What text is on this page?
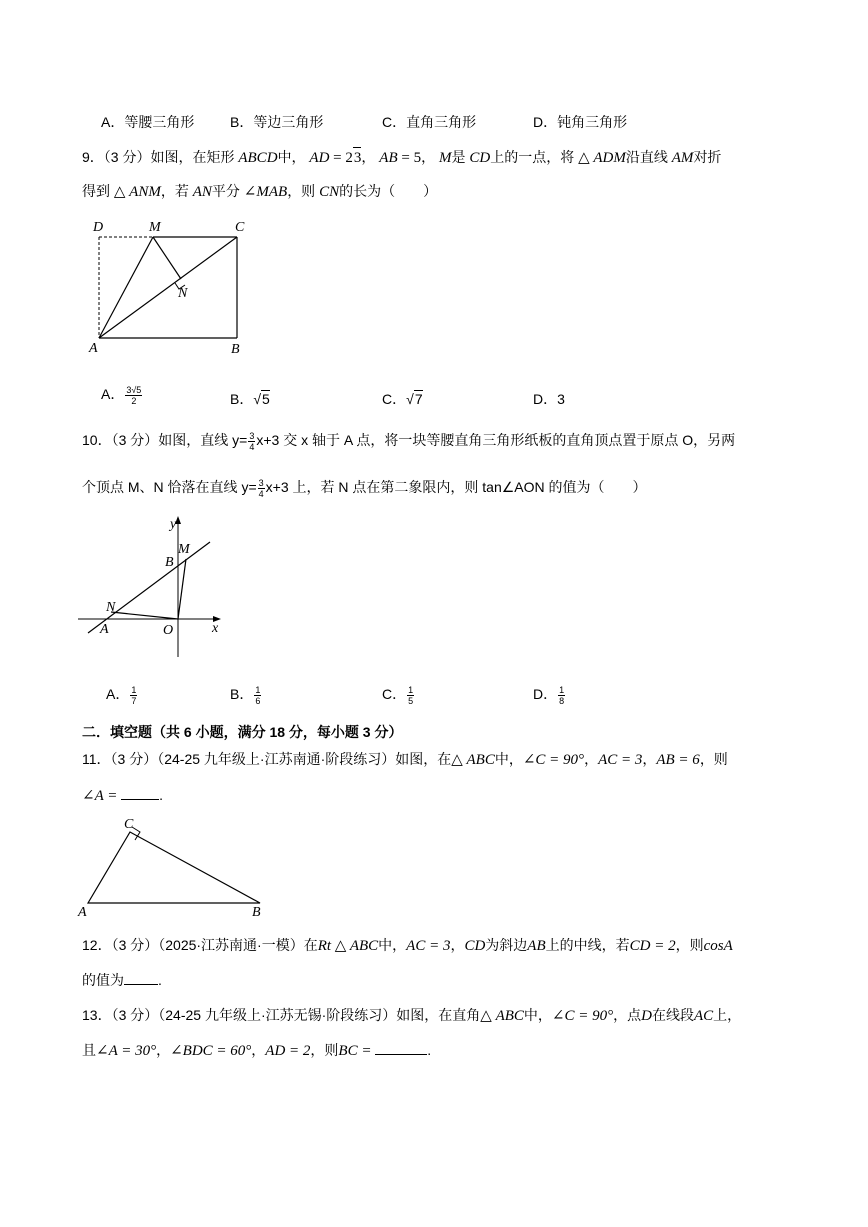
A．等腰三角形	B．等边三角形	C．直角三角形	D．钝角三角形
9．（3 分）如图，在矩形 ABCD中， AD = 23， AB = 5， M是 CD上的一点，将 △ ADM沿直线 AM对折
得到 △ ANM，若 AN平分 ∠MAB，则 CN的长为（　　）
D	M	C
N
A	B
A． $\frac{3√5}{2}$	B．√5	C．√7	D．3
10．（3 分）如图，直线 $y= \frac{3}{4} x+3$ 交 x 轴于 A 点，将一块等腰直角三角形纸板的直角顶点置于原点 O，另两
个顶点 M、N 恰落在直线 $y= \frac{3}{4} x+3$ 上，若 N 点在第二象限内，则 tan∠AON 的值为（　　）
y
x
B
M
N
A	O
A． $\frac{1}{7}$	B． $\frac{1}{6}$	C． $\frac{1}{5}$	D． $\frac{1}{8}$
二．填空题（共 6 小题，满分 18 分，每小题 3 分）
11．（3 分）（24-25 九年级上·江苏南通·阶段练习）如图，在△ ABC中，∠C = 90°，AC = 3，AB = 6，则
∠A =	.
C
A	B
12．（3 分）（2025·江苏南通·一模）在Rt △ ABC中，AC = 3，CD为斜边AB上的中线，若CD = 2，则cosA
的值为 .
13．（3 分）（24-25 九年级上·江苏无锡·阶段练习）如图，在直角△ ABC中，∠C = 90°，点D在线段AC上，
且∠A = 30°，∠BDC = 60°，AD = 2，则BC =	.
